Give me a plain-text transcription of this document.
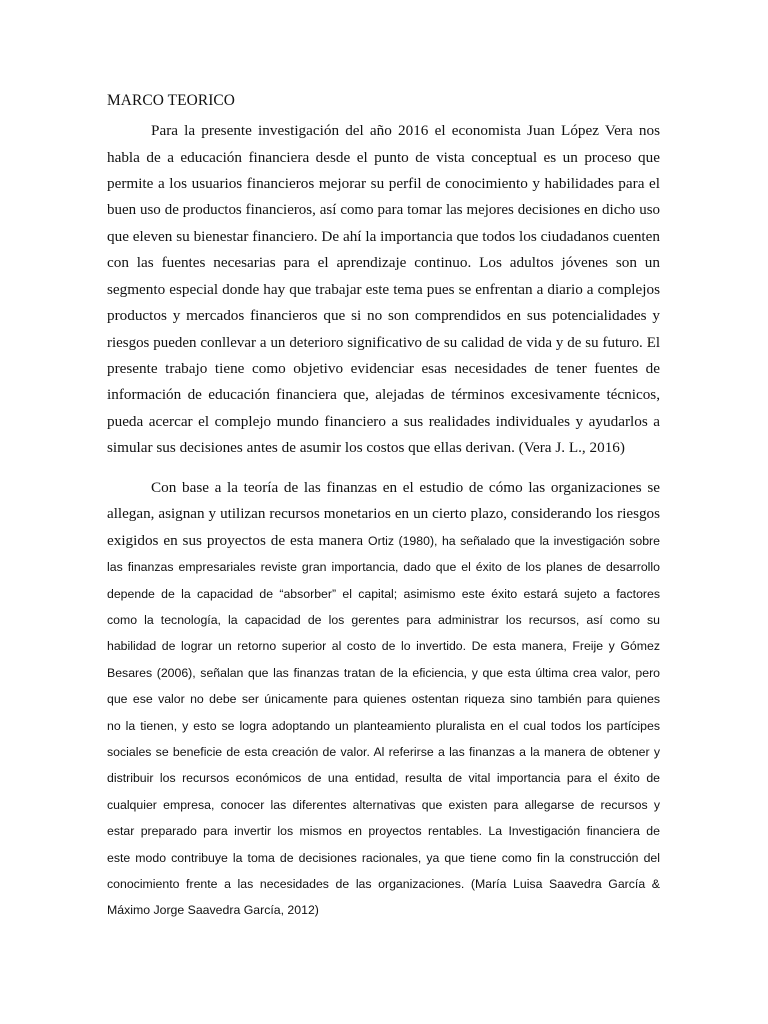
MARCO TEORICO
Para la presente investigación del año 2016 el economista Juan López Vera nos
habla de a educación financiera desde el punto de vista conceptual es un proceso que
permite a los usuarios financieros mejorar su perfil de conocimiento y habilidades para el
buen uso de productos financieros, así como para tomar las mejores decisiones en dicho uso
que eleven su bienestar financiero. De ahí la importancia que todos los ciudadanos cuenten
con las fuentes necesarias para el aprendizaje continuo. Los adultos jóvenes son un
segmento especial donde hay que trabajar este tema pues se enfrentan a diario a complejos
productos y mercados financieros que si no son comprendidos en sus potencialidades y
riesgos pueden conllevar a un deterioro significativo de su calidad de vida y de su futuro. El
presente trabajo tiene como objetivo evidenciar esas necesidades de tener fuentes de
información de educación financiera que, alejadas de términos excesivamente técnicos,
pueda acercar el complejo mundo financiero a sus realidades individuales y ayudarlos a
simular sus decisiones antes de asumir los costos que ellas derivan. (Vera J. L., 2016)
Con base a la teoría de las finanzas en el estudio de cómo las organizaciones se
allegan, asignan y utilizan recursos monetarios en un cierto plazo, considerando los riesgos
exigidos en sus proyectos de esta manera Ortiz (1980), ha señalado que la investigación sobre
las finanzas empresariales reviste gran importancia, dado que el éxito de los planes de desarrollo
depende de la capacidad de “absorber” el capital; asimismo este éxito estará sujeto a factores
como la tecnología, la capacidad de los gerentes para administrar los recursos, así como su
habilidad de lograr un retorno superior al costo de lo invertido. De esta manera, Freije y Gómez
Besares (2006), señalan que las finanzas tratan de la eficiencia, y que esta última crea valor, pero
que ese valor no debe ser únicamente para quienes ostentan riqueza sino también para quienes
no la tienen, y esto se logra adoptando un planteamiento pluralista en el cual todos los partícipes
sociales se beneficie de esta creación de valor. Al referirse a las finanzas a la manera de obtener y
distribuir los recursos económicos de una entidad, resulta de vital importancia para el éxito de
cualquier empresa, conocer las diferentes alternativas que existen para allegarse de recursos y
estar preparado para invertir los mismos en proyectos rentables. La Investigación financiera de
este modo contribuye la toma de decisiones racionales, ya que tiene como fin la construcción del
conocimiento frente a las necesidades de las organizaciones. (María Luisa Saavedra García &
Máximo Jorge Saavedra García, 2012)
